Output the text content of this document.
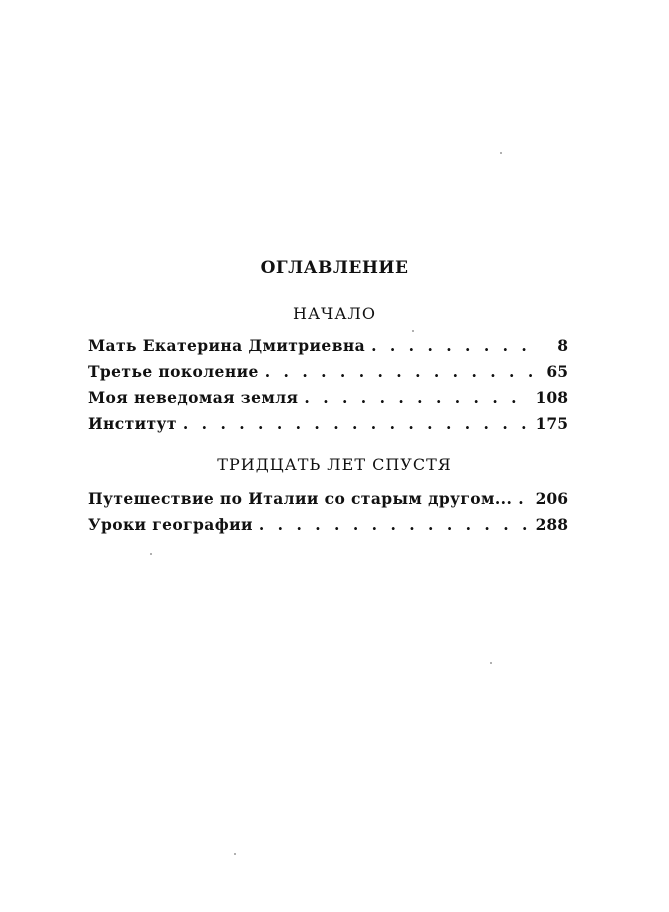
ОГЛАВЛЕНИЕ
НАЧАЛО
Мать Екатерина Дмитриевна . . .	8
Третье поколение . . .	65
Моя неведомая земля . . .	108
Институт . . .	175
ТРИДЦАТЬ ЛЕТ СПУСТЯ
Путешествие по Италии со старым другом... . . . 206
Уроки географии . . .	288
